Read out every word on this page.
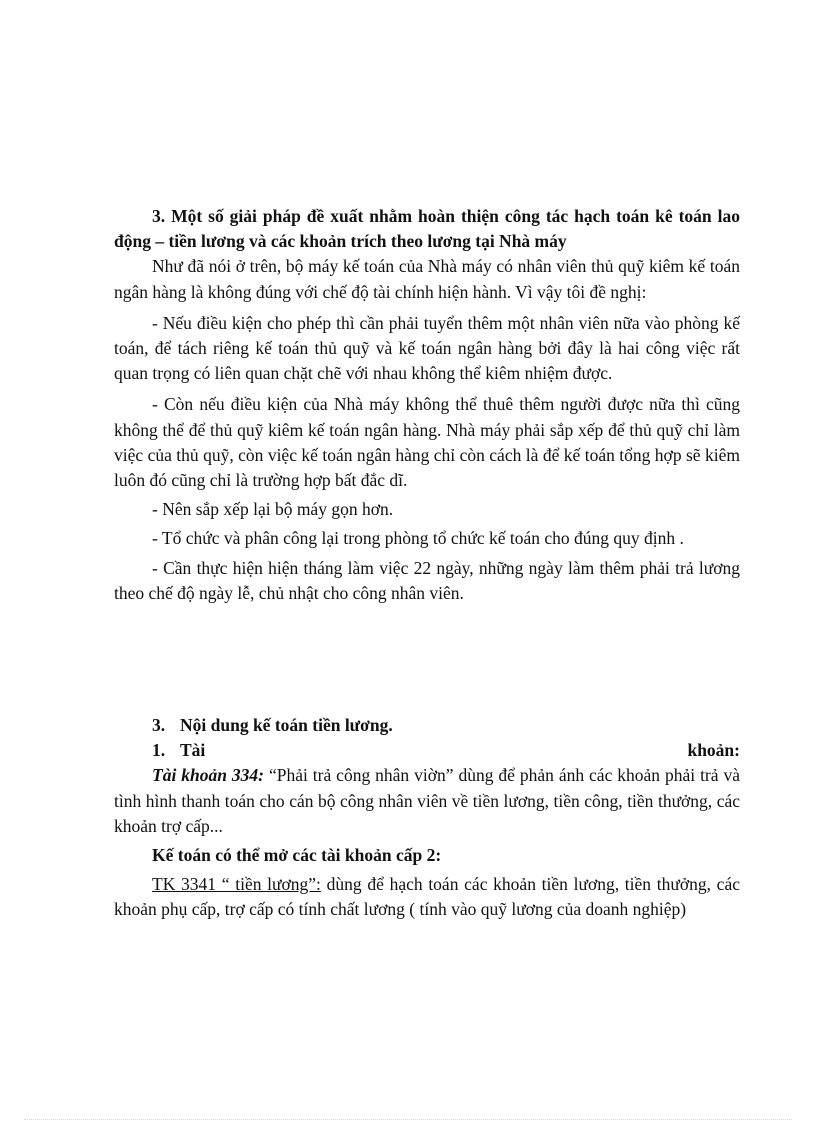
3. Một số giải pháp đề xuất nhằm hoàn thiện công tác hạch toán kê toán lao động – tiền lương và các khoản trích theo lương tại Nhà máy

Như đã nói ở trên, bộ máy kế toán của Nhà máy có nhân viên thủ quỹ kiêm kế toán ngân hàng là không đúng với chế độ tài chính hiện hành. Vì vậy tôi đề nghị:

- Nếu điều kiện cho phép thì cần phải tuyển thêm một nhân viên nữa vào phòng kế toán, để tách riêng kế toán thủ quỹ và kế toán ngân hàng bởi đây là hai công việc rất quan trọng có liên quan chặt chẽ với nhau không thể kiêm nhiệm được.

- Còn nếu điều kiện của Nhà máy không thể thuê thêm người được nữa thì cũng không thể để thủ quỹ kiêm kế toán ngân hàng. Nhà máy phải sắp xếp để thủ quỹ chỉ làm việc của thủ quỹ, còn việc kế toán ngân hàng chỉ còn cách là để kế toán tổng hợp sẽ kiêm luôn đó cũng chỉ là trường hợp bất đắc dĩ.

- Nên sắp xếp lại bộ máy gọn hơn.

- Tổ chức và phân công lại trong phòng tổ chức kế toán cho đúng quy định .

- Cần thực hiện hiện tháng làm việc 22 ngày, những ngày làm thêm phải trả lương theo chế độ ngày lễ, chủ nhật cho công nhân viên.

3. Nội dung kế toán tiền lương.

1. Tài	khoản:

Tài khoản 334: “Phải trả công nhân viờn” dùng để phản ánh các khoản phải trả và tình hình thanh toán cho cán bộ công nhân viên về tiền lương, tiền công, tiền thưởng, các khoản trợ cấp...

Kế toán có thể mở các tài khoản cấp 2:

TK 3341 “ tiền lương”: dùng để hạch toán các khoản tiền lương, tiền thưởng, các khoản phụ cấp, trợ cấp có tính chất lương ( tính vào quỹ lương của doanh nghiệp)
